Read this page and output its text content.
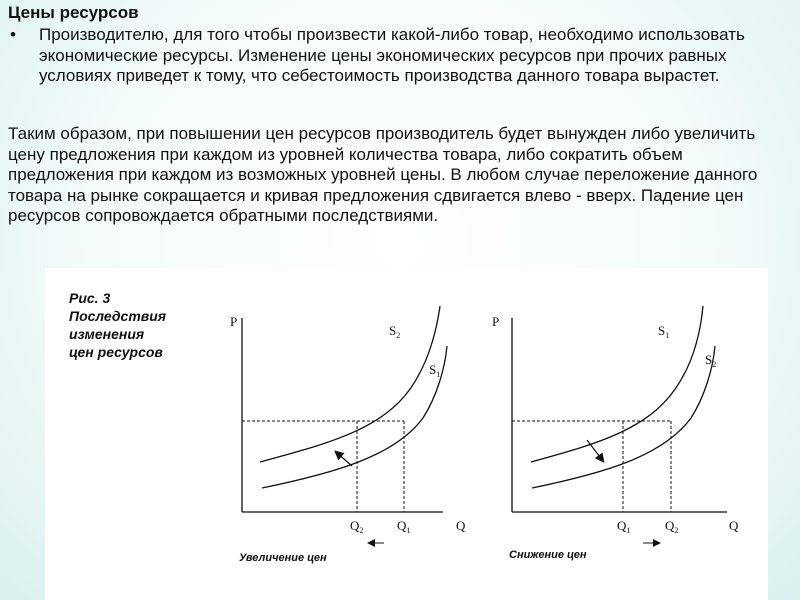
Цены ресурсов
• Производителю, для того чтобы произвести какой-либо товар, необходимо использовать экономические ресурсы. Изменение цены экономических ресурсов при прочих равных условиях приведет к тому, что себестоимость производства данного товара вырастет.
Таким образом, при повышении цен ресурсов производитель будет вынужден либо увеличить цену предложения при каждом из уровней количества товара, либо сократить объем предложения при каждом из возможных уровней цены. В любом случае переложение данного товара на рынке сокращается и кривая предложения сдвигается влево - вверх. Падение цен ресурсов сопровождается обратными последствиями.
Рис. 3
Последствия
изменения
цен ресурсов
P
Q
$S_2$
$S_1$
$Q_2$	$Q_1$
Увеличение цен
P
Q
$S_1$
$S_2$
$Q_1$	$Q_2$
Снижение цен
